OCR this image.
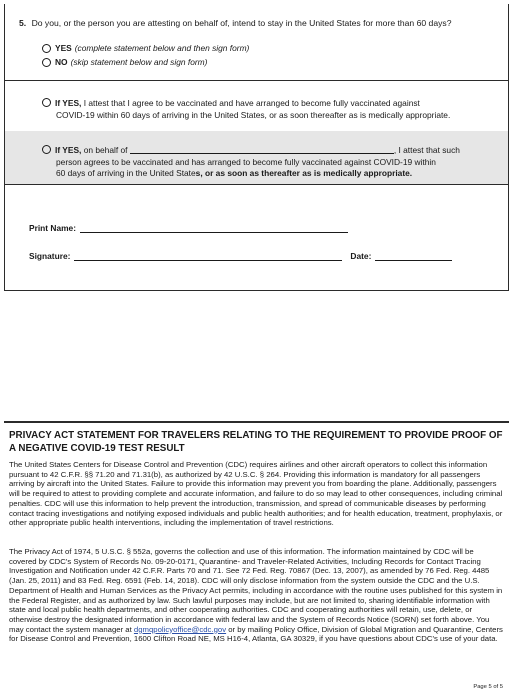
5. Do you, or the person you are attesting on behalf of, intend to stay in the United States for more than 60 days?
YES (complete statement below and then sign form)
NO (skip statement below and sign form)
If YES, I attest that I agree to be vaccinated and have arranged to become fully vaccinated against
COVID-19 within 60 days of arriving in the United States, or as soon thereafter as is medically appropriate.
If YES, on behalf of	, I attest that such
person agrees to be vaccinated and has arranged to become fully vaccinated against COVID-19 within
60 days of arriving in the United States, or as soon as thereafter as is medically appropriate.
Print Name:
Signature:	Date:
PRIVACY ACT STATEMENT FOR TRAVELERS RELATING TO THE REQUIREMENT TO PROVIDE PROOF OF A NEGATIVE COVID-19 TEST RESULT
The United States Centers for Disease Control and Prevention (CDC) requires airlines and other aircraft operators to collect this information pursuant to 42 C.F.R. §§ 71.20 and 71.31(b), as authorized by 42 U.S.C. § 264. Providing this information is mandatory for all passengers arriving by aircraft into the United States. Failure to provide this information may prevent you from boarding the plane. Additionally, passengers will be required to attest to providing complete and accurate information, and failure to do so may lead to other consequences, including criminal penalties. CDC will use this information to help prevent the introduction, transmission, and spread of communicable diseases by performing contact tracing investigations and notifying exposed individuals and public health authorities; and for health education, treatment, prophylaxis, or other appropriate public health interventions, including the implementation of travel restrictions.
The Privacy Act of 1974, 5 U.S.C. § 552a, governs the collection and use of this information. The information maintained by CDC will be covered by CDC's System of Records No. 09-20-0171, Quarantine- and Traveler-Related Activities, Including Records for Contact Tracing Investigation and Notification under 42 C.F.R. Parts 70 and 71. See 72 Fed. Reg. 70867 (Dec. 13, 2007), as amended by 76 Fed. Reg. 4485 (Jan. 25, 2011) and 83 Fed. Reg. 6591 (Feb. 14, 2018). CDC will only disclose information from the system outside the CDC and the U.S. Department of Health and Human Services as the Privacy Act permits, including in accordance with the routine uses published for this system in the Federal Register, and as authorized by law. Such lawful purposes may include, but are not limited to, sharing identifiable information with state and local public health departments, and other cooperating authorities. CDC and cooperating authorities will retain, use, delete, or otherwise destroy the designated information in accordance with federal law and the System of Records Notice (SORN) set forth above. You may contact the system manager at dgmqpolicyoffice@cdc.gov or by mailing Policy Office, Division of Global Migration and Quarantine, Centers for Disease Control and Prevention, 1600 Clifton Road NE, MS H16-4, Atlanta, GA 30329, if you have questions about CDC's use of your data.
Page 5 of 5
